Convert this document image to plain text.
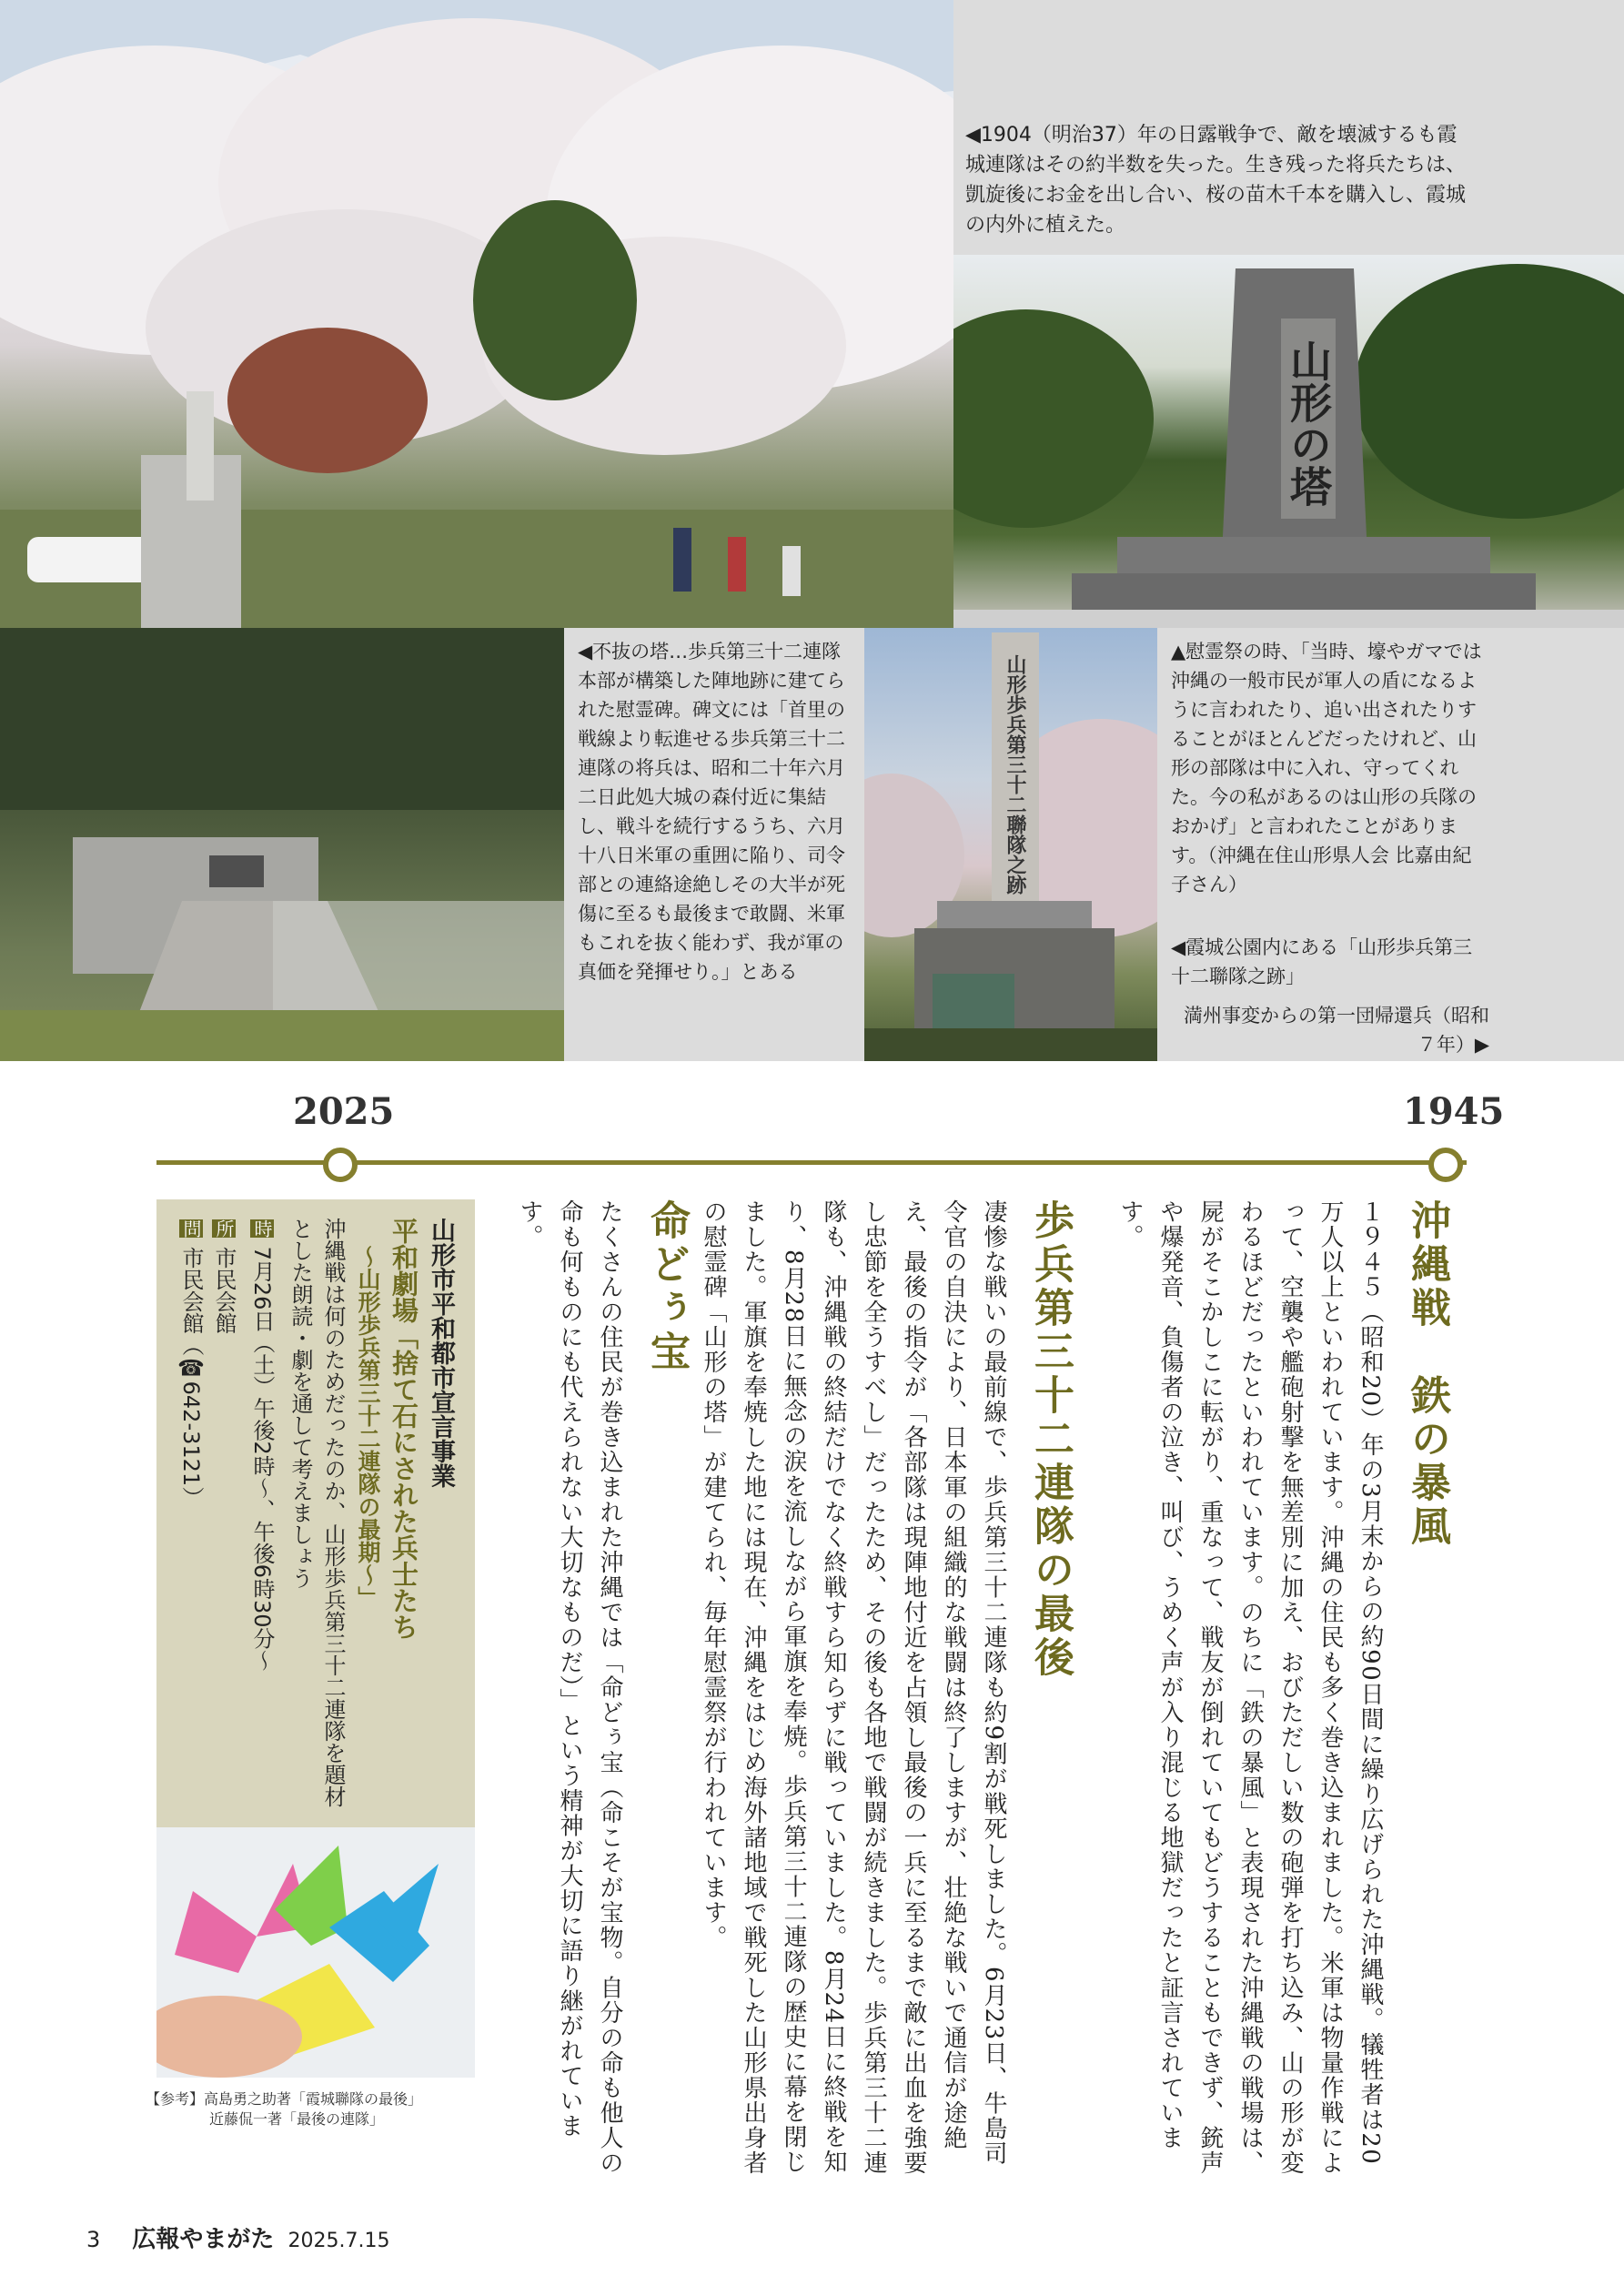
◀1904（明治37）年の日露戦争で、敵を壊滅するも霞城連隊はその約半数を失った。生き残った将兵たちは、凱旋後にお金を出し合い、桜の苗木千本を購入し、霞城の内外に植えた。
山形の塔
◀不抜の塔…歩兵第三十二連隊本部が構築した陣地跡に建てられた慰霊碑。碑文には「首里の戦線より転進せる歩兵第三十二連隊の将兵は、昭和二十年六月二日此処大城の森付近に集結し、戦斗を続行するうち、六月十八日米軍の重囲に陥り、司令部との連絡途絶しその大半が死傷に至るも最後まで敢闘、米軍もこれを抜く能わず、我が軍の真価を発揮せり。」とある
山形歩兵第三十二聯隊之跡
▲慰霊祭の時、「当時、壕やガマでは沖縄の一般市民が軍人の盾になるように言われたり、追い出されたりすることがほとんどだったけれど、山形の部隊は中に入れ、守ってくれた。今の私があるのは山形の兵隊のおかげ」と言われたことがあります。（沖縄在住山形県人会 比嘉由紀子さん）
◀霞城公園内にある「山形歩兵第三十二聯隊之跡」
満州事変からの第一団帰還兵（昭和７年）▶
2025	1945
沖縄戦　鉄の暴風
１９４５（昭和20）年の3月末からの約90日間に繰り広げられた沖縄戦。犠牲者は20万人以上といわれています。沖縄の住民も多く巻き込まれました。米軍は物量作戦によって、空襲や艦砲射撃を無差別に加え、おびただしい数の砲弾を打ち込み、山の形が変わるほどだったといわれています。のちに「鉄の暴風」と表現された沖縄戦の戦場は、屍がそこかしこに転がり、重なって、戦友が倒れていてもどうすることもできず、銃声や爆発音、負傷者の泣き、叫び、うめく声が入り混じる地獄だったと証言されています。
歩兵第三十二連隊の最後
凄惨な戦いの最前線で、歩兵第三十二連隊も約9割が戦死しました。6月23日、牛島司令官の自決により、日本軍の組織的な戦闘は終了しますが、壮絶な戦いで通信が途絶え、最後の指令が「各部隊は現陣地付近を占領し最後の一兵に至るまで敵に出血を強要し忠節を全うすべし」だったため、その後も各地で戦闘が続きました。歩兵第三十二連隊も、沖縄戦の終結だけでなく終戦すら知らずに戦っていました。8月24日に終戦を知り、8月28日に無念の涙を流しながら軍旗を奉焼。歩兵第三十二連隊の歴史に幕を閉じました。軍旗を奉焼した地には現在、沖縄をはじめ海外諸地域で戦死した山形県出身者の慰霊碑「山形の塔」が建てられ、毎年慰霊祭が行われています。
命どぅ宝
たくさんの住民が巻き込まれた沖縄では「命どぅ宝（命こそが宝物。自分の命も他人の命も何ものにも代えられない大切なものだ）」という精神が大切に語り継がれています。
山形市平和都市宣言事業
平和劇場「捨て石にされた兵士たち
～山形歩兵第三十二連隊の最期～」
沖縄戦は何のためだったのか、山形歩兵第三十二連隊を題材とした朗読・劇を通して考えましょう
時 7月26日（土）午後2時～、午後6時30分～
所 市民会館
問 市民会館（☎642-3121）
【参考】高島勇之助著「霞城聯隊の最後」
近藤侃一著「最後の連隊」
3 広報やまがた 2025.7.15
